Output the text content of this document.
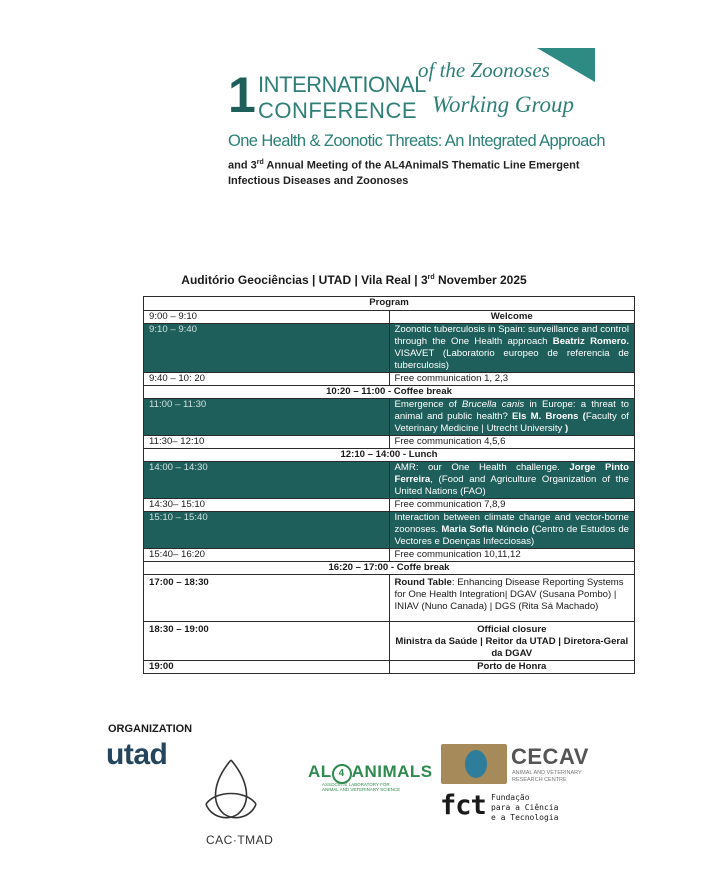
1 INTERNATIONAL
CONFERENCE
of the Zoonoses
Working Group
One Health & Zoonotic Threats: An Integrated Approach
and 3rd Annual Meeting of the AL4AnimalS Thematic Line Emergent
Infectious Diseases and Zoonoses
Auditório Geociências | UTAD | Vila Real | 3rd November 2025
Program	
9:00 – 9:10	Welcome
9:10 – 9:40	Zoonotic tuberculosis in Spain: surveillance and control through the One Health approach Beatriz Romero. VISAVET (Laboratorio europeo de referencia de tuberculosis)
9:40 – 10: 20	Free communication 1, 2,3
10:20 – 11:00 - Coffee break	
11:00 – 11:30	Emergence of Brucella canis in Europe: a threat to animal and public health? Els M. Broens (Faculty of Veterinary Medicine | Utrecht University )
11:30– 12:10	Free communication 4,5,6
12:10 – 14:00 - Lunch	
14:00 – 14:30	AMR: our One Health challenge. Jorge Pinto Ferreira, (Food and Agriculture Organization of the United Nations (FAO)
14:30– 15:10	Free communication 7,8,9
15:10 – 15:40	Interaction between climate change and vector-borne zoonoses. Maria Sofia Núncio (Centro de Estudos de Vectores e Doenças Infecciosas)
15:40– 16:20	Free communication 10,11,12
16:20 – 17:00 - Coffe break	
17:00 – 18:30	Round Table: Enhancing Disease Reporting Systems for One Health Integration| DGAV (Susana Pombo) | INIAV (Nuno Canada) | DGS (Rita Sá Machado)
18:30 – 19:00	Official closure
Ministra da Saúde | Reitor da UTAD | Diretora-Geral da DGAV
19:00	Porto de Honra
ORGANIZATION
utad
CAC·TMAD
AL 4 ANIMALS
ASSOCIATE LABORATORY FOR
ANIMAL AND VETERINARY SCIENCE
CECAV
ANIMAL AND VETERINARY
RESEARCH CENTRE
fct Fundação
para a Ciência
e a Tecnologia
